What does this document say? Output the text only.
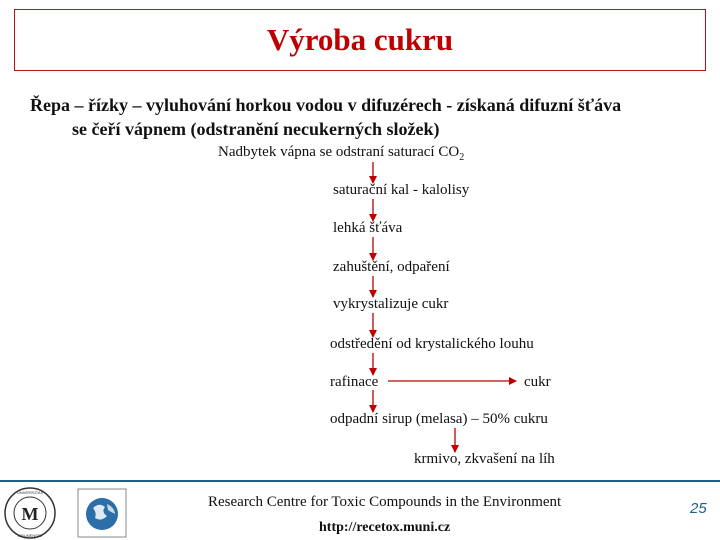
Výroba cukru
Řepa – řízky – vyluhování horkou vodou v difuzérech - získaná difuzní šťáva
se čeří vápnem (odstranění necukerných složek)
Nadbytek vápna se odstraní saturací $CO_2$
saturační kal - kalolisy
lehká šťáva
zahuštění, odpaření
vykrystalizuje cukr
odstředění od krystalického louhu
rafinace	cukr
odpadní sirup (melasa) – 50% cukru
krmivo, zkvašení na líh
M
UNIVERSITAS
BRUNENSIS
Research Centre for Toxic Compounds in the Environment
http://recetox.muni.cz
25
